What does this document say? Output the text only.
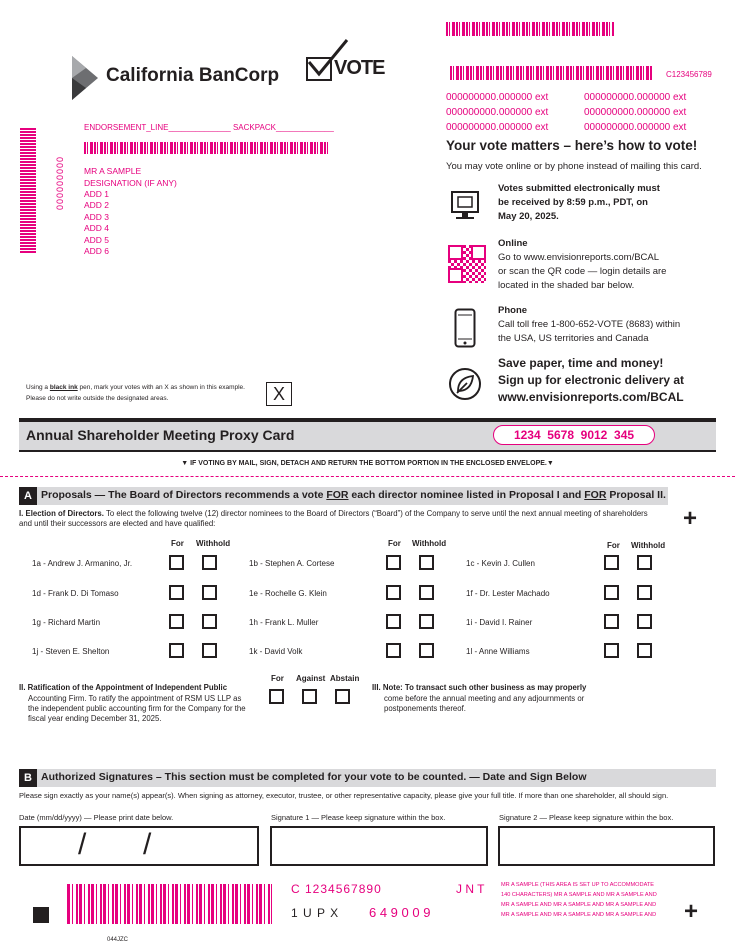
C123456789
000000000.000000 ext
000000000.000000 ext
000000000.000000 ext
000000000.000000 ext
000000000.000000 ext
000000000.000000 ext
California BanCorp	VOTE
ENDORSEMENT_LINE______________ SACKPACK_____________
000000000 MR A SAMPLE
DESIGNATION (IF ANY)
ADD 1
ADD 2
ADD 3
ADD 4
ADD 5
ADD 6
Your vote matters – here’s how to vote!
You may vote online or by phone instead of mailing this card.
Votes submitted electronically must
be received by 8:59 p.m., PDT, on
May 20, 2025.
Online
Go to www.envisionreports.com/BCAL
or scan the QR code — login details are
located in the shaded bar below.
Phone
Call toll free 1-800-652-VOTE (8683) within
the USA, US territories and Canada
Save paper, time and money!
Sign up for electronic delivery at
www.envisionreports.com/BCAL
Using a black ink pen, mark your votes with an X as shown in this example.
Please do not write outside the designated areas.	X
Annual Shareholder Meeting Proxy Card	1234  5678  9012  345
▼ IF VOTING BY MAIL, SIGN, DETACH AND RETURN THE BOTTOM PORTION IN THE ENCLOSED ENVELOPE.▼
A Proposals — The Board of Directors recommends a vote FOR each director nominee listed in Proposal I and FOR Proposal II.
I. Election of Directors. To elect the following twelve (12) director nominees to the Board of Directors (“Board”) of the Company to serve until the next annual meeting of shareholders and until their successors are elected and have qualified:	+
For Withhold	For Withhold	For Withhold
1a - Andrew J. Armanino, Jr.	1b - Stephen A. Cortese	1c - Kevin J. Cullen
1d - Frank D. Di Tomaso	1e - Rochelle G. Klein	1f - Dr. Lester Machado
1g - Richard Martin	1h - Frank L. Muller	1i - David I. Rainer
1j - Steven E. Shelton	1k - David Volk	1l - Anne Williams
II. Ratification of the Appointment of Independent Public
Accounting Firm. To ratify the appointment of RSM US LLP as
the independent public accounting firm for the Company for the
fiscal year ending December 31, 2025.
For Against Abstain
III. Note: To transact such other business as may properly
come before the annual meeting and any adjournments or
postponements thereof.
B Authorized Signatures – This section must be completed for your vote to be counted. — Date and Sign Below
Please sign exactly as your name(s) appear(s). When signing as attorney, executor, trustee, or other representative capacity, please give your full title. If more than one shareholder, all should sign.
Date (mm/dd/yyyy) — Please print date below.	Signature 1 — Please keep signature within the box.	Signature 2 — Please keep signature within the box.
/ /
C 1234567890	J N T
1 U P X 6 4 9 0 0 9
MR A SAMPLE (THIS AREA IS SET UP TO ACCOMMODATE
140 CHARACTERS) MR A SAMPLE AND MR A SAMPLE AND
MR A SAMPLE AND MR A SAMPLE AND MR A SAMPLE AND
MR A SAMPLE AND MR A SAMPLE AND MR A SAMPLE AND +
044JZC
